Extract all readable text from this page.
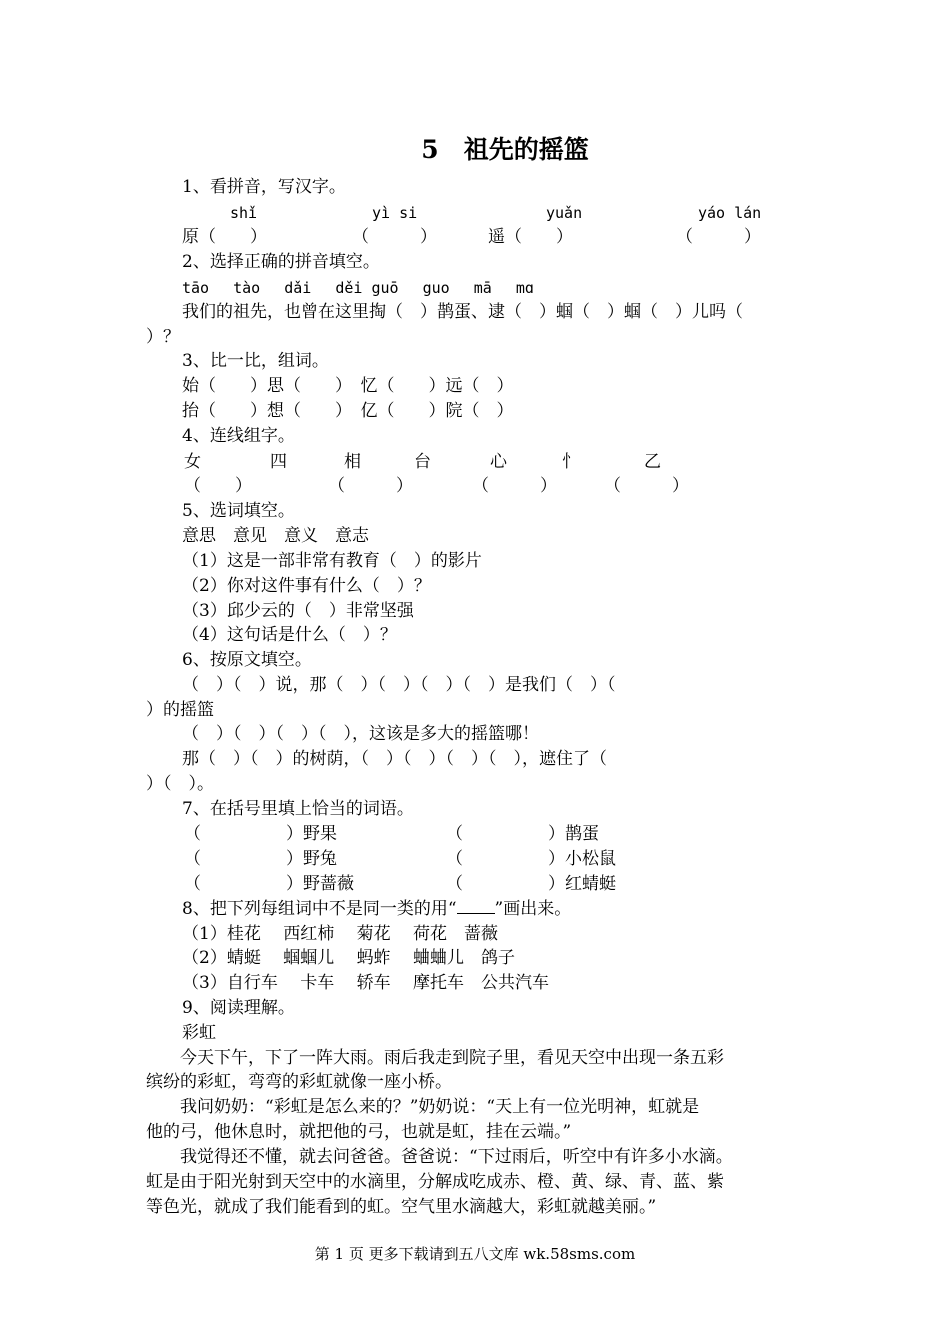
5　祖先的摇篮
1、看拼音，写汉字。
shǐ	yì si	yuǎn	yáo lán
原（　　）	（　　　）	遥（　　）	（　　　）
2、选择正确的拼音填空。
tāo　 tào　 dǎi　 děi guō　 guo　 mā　 mɑ
我们的祖先，也曾在这里掏（　）鹊蛋、逮（　）蝈（　）蝈（　）儿吗（
）？
3、比一比，组词。
始（　　）思（　　）　忆（　　）远（　）
抬（　　）想（　　）　亿（　　）院（　）
4、连线组字。
女	四	相	台	心	忄	乙
（　　）	（　　　）	（　　　）	（　　　）
5、选词填空。
意思　意见　意义　意志
（1）这是一部非常有教育（　）的影片
（2）你对这件事有什么（　）？
（3）邱少云的（　）非常坚强
（4）这句话是什么（　）？
6、按原文填空。
（　）（　）说，那（　）（　）（　）（　）是我们（　）（
）的摇篮
（　）（　）（　）（　），这该是多大的摇篮哪！
那（　）（　）的树荫，（　）（　）（　）（　），遮住了（
）（　）。
7、在括号里填上恰当的词语。
（　　　　　）野果	（　　　　　）鹊蛋
（　　　　　）野兔	（　　　　　）小松鼠
（　　　　　）野蔷薇	（　　　　　）红蜻蜓
8、把下列每组词中不是同一类的用“ ”画出来。
（1）桂花　 西红柿　 菊花　 荷花　蔷薇
（2）蜻蜓　 蝈蝈儿　 蚂蚱　 蛐蛐儿　鸽子
（3）自行车　 卡车　 轿车　 摩托车　公共汽车
9、阅读理解。
彩虹
　　今天下午，下了一阵大雨。雨后我走到院子里，看见天空中出现一条五彩
缤纷的彩虹，弯弯的彩虹就像一座小桥。
　　我问奶奶：“彩虹是怎么来的？”奶奶说：“天上有一位光明神，虹就是
他的弓，他休息时，就把他的弓，也就是虹，挂在云端。”
　　我觉得还不懂，就去问爸爸。爸爸说：“下过雨后，听空中有许多小水滴。
虹是由于阳光射到天空中的水滴里，分解成吃成赤、橙、黄、绿、青、蓝、紫
等色光，就成了我们能看到的虹。空气里水滴越大，彩虹就越美丽。”
第 1 页 更多下载请到五八文库 wk.58sms.com
